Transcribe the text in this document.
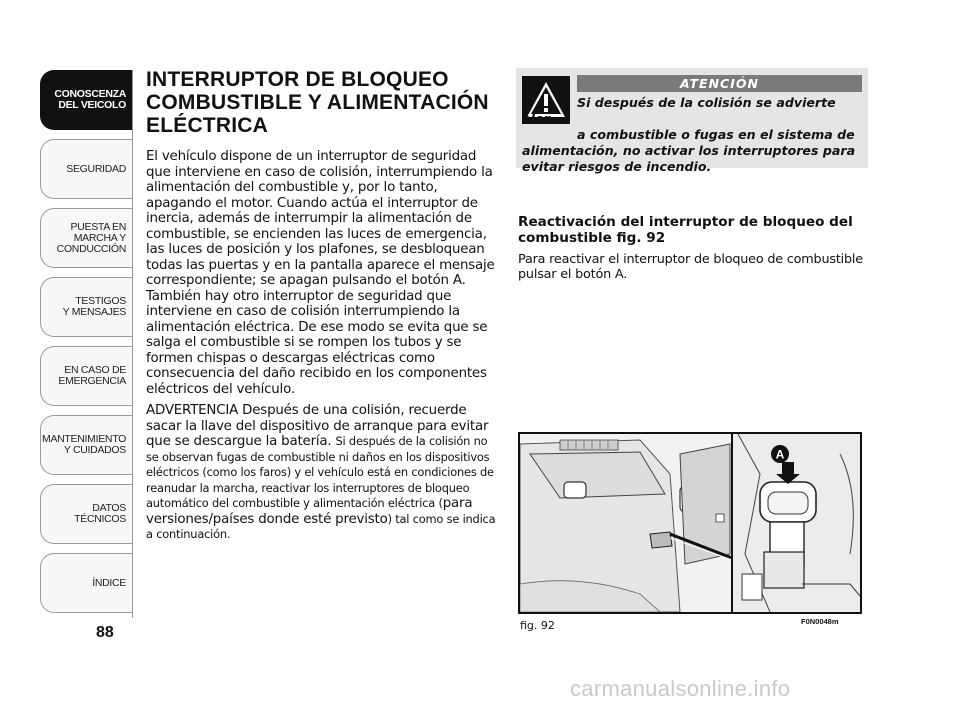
CONOSCENZA
DEL VEICOLO
SEGURIDAD
PUESTA EN
MARCHA Y
CONDUCCIÓN
TESTIGOS
Y MENSAJES
EN CASO DE
EMERGENCIA
MANTENIMIENTO
Y CUIDADOS
DATOS
TÉCNICOS
ÍNDICE
88
INTERRUPTOR DE BLOQUEO
COMBUSTIBLE Y ALIMENTACIÓN
ELÉCTRICA

El vehículo dispone de un interruptor de seguridad que interviene en caso de colisión, interrumpiendo la alimentación del combustible y, por lo tanto, apagando el motor. Cuando actúa el interruptor de inercia, además de interrumpir la alimentación de combustible, se encienden las luces de emergencia, las luces de posición y los plafones, se desbloquean todas las puertas y en la pantalla aparece el mensaje correspondiente; se apagan pulsando el botón A. También hay otro interruptor de seguridad que interviene en caso de colisión interrumpiendo la alimentación eléctrica. De ese modo se evita que se salga el combustible si se rompen los tubos y se formen chispas o descargas eléctricas como consecuencia del daño recibido en los componentes eléctricos del vehículo.

ADVERTENCIA Después de una colisión, recuerde sacar la llave del dispositivo de arranque para evitar que se descargue la batería. Si después de la colisión no se observan fugas de combustible ni daños en los dispositivos eléctricos (como los faros) y el vehículo está en condiciones de reanudar la marcha, reactivar los interruptores de bloqueo automático del combustible y alimentación eléctrica (para versiones/países donde esté previsto) tal como se indica a continuación.

ATENCIÓN
Si después de la colisión se advierte olor
a combustible o fugas en el sistema de
alimentación, no activar los interruptores para evitar riesgos de incendio.
Reactivación del interruptor de bloqueo del combustible fig. 92

Para reactivar el interruptor de bloqueo de combustible pulsar el botón A.

A
fig. 92	F0N0048m
carmanualsonline.info
